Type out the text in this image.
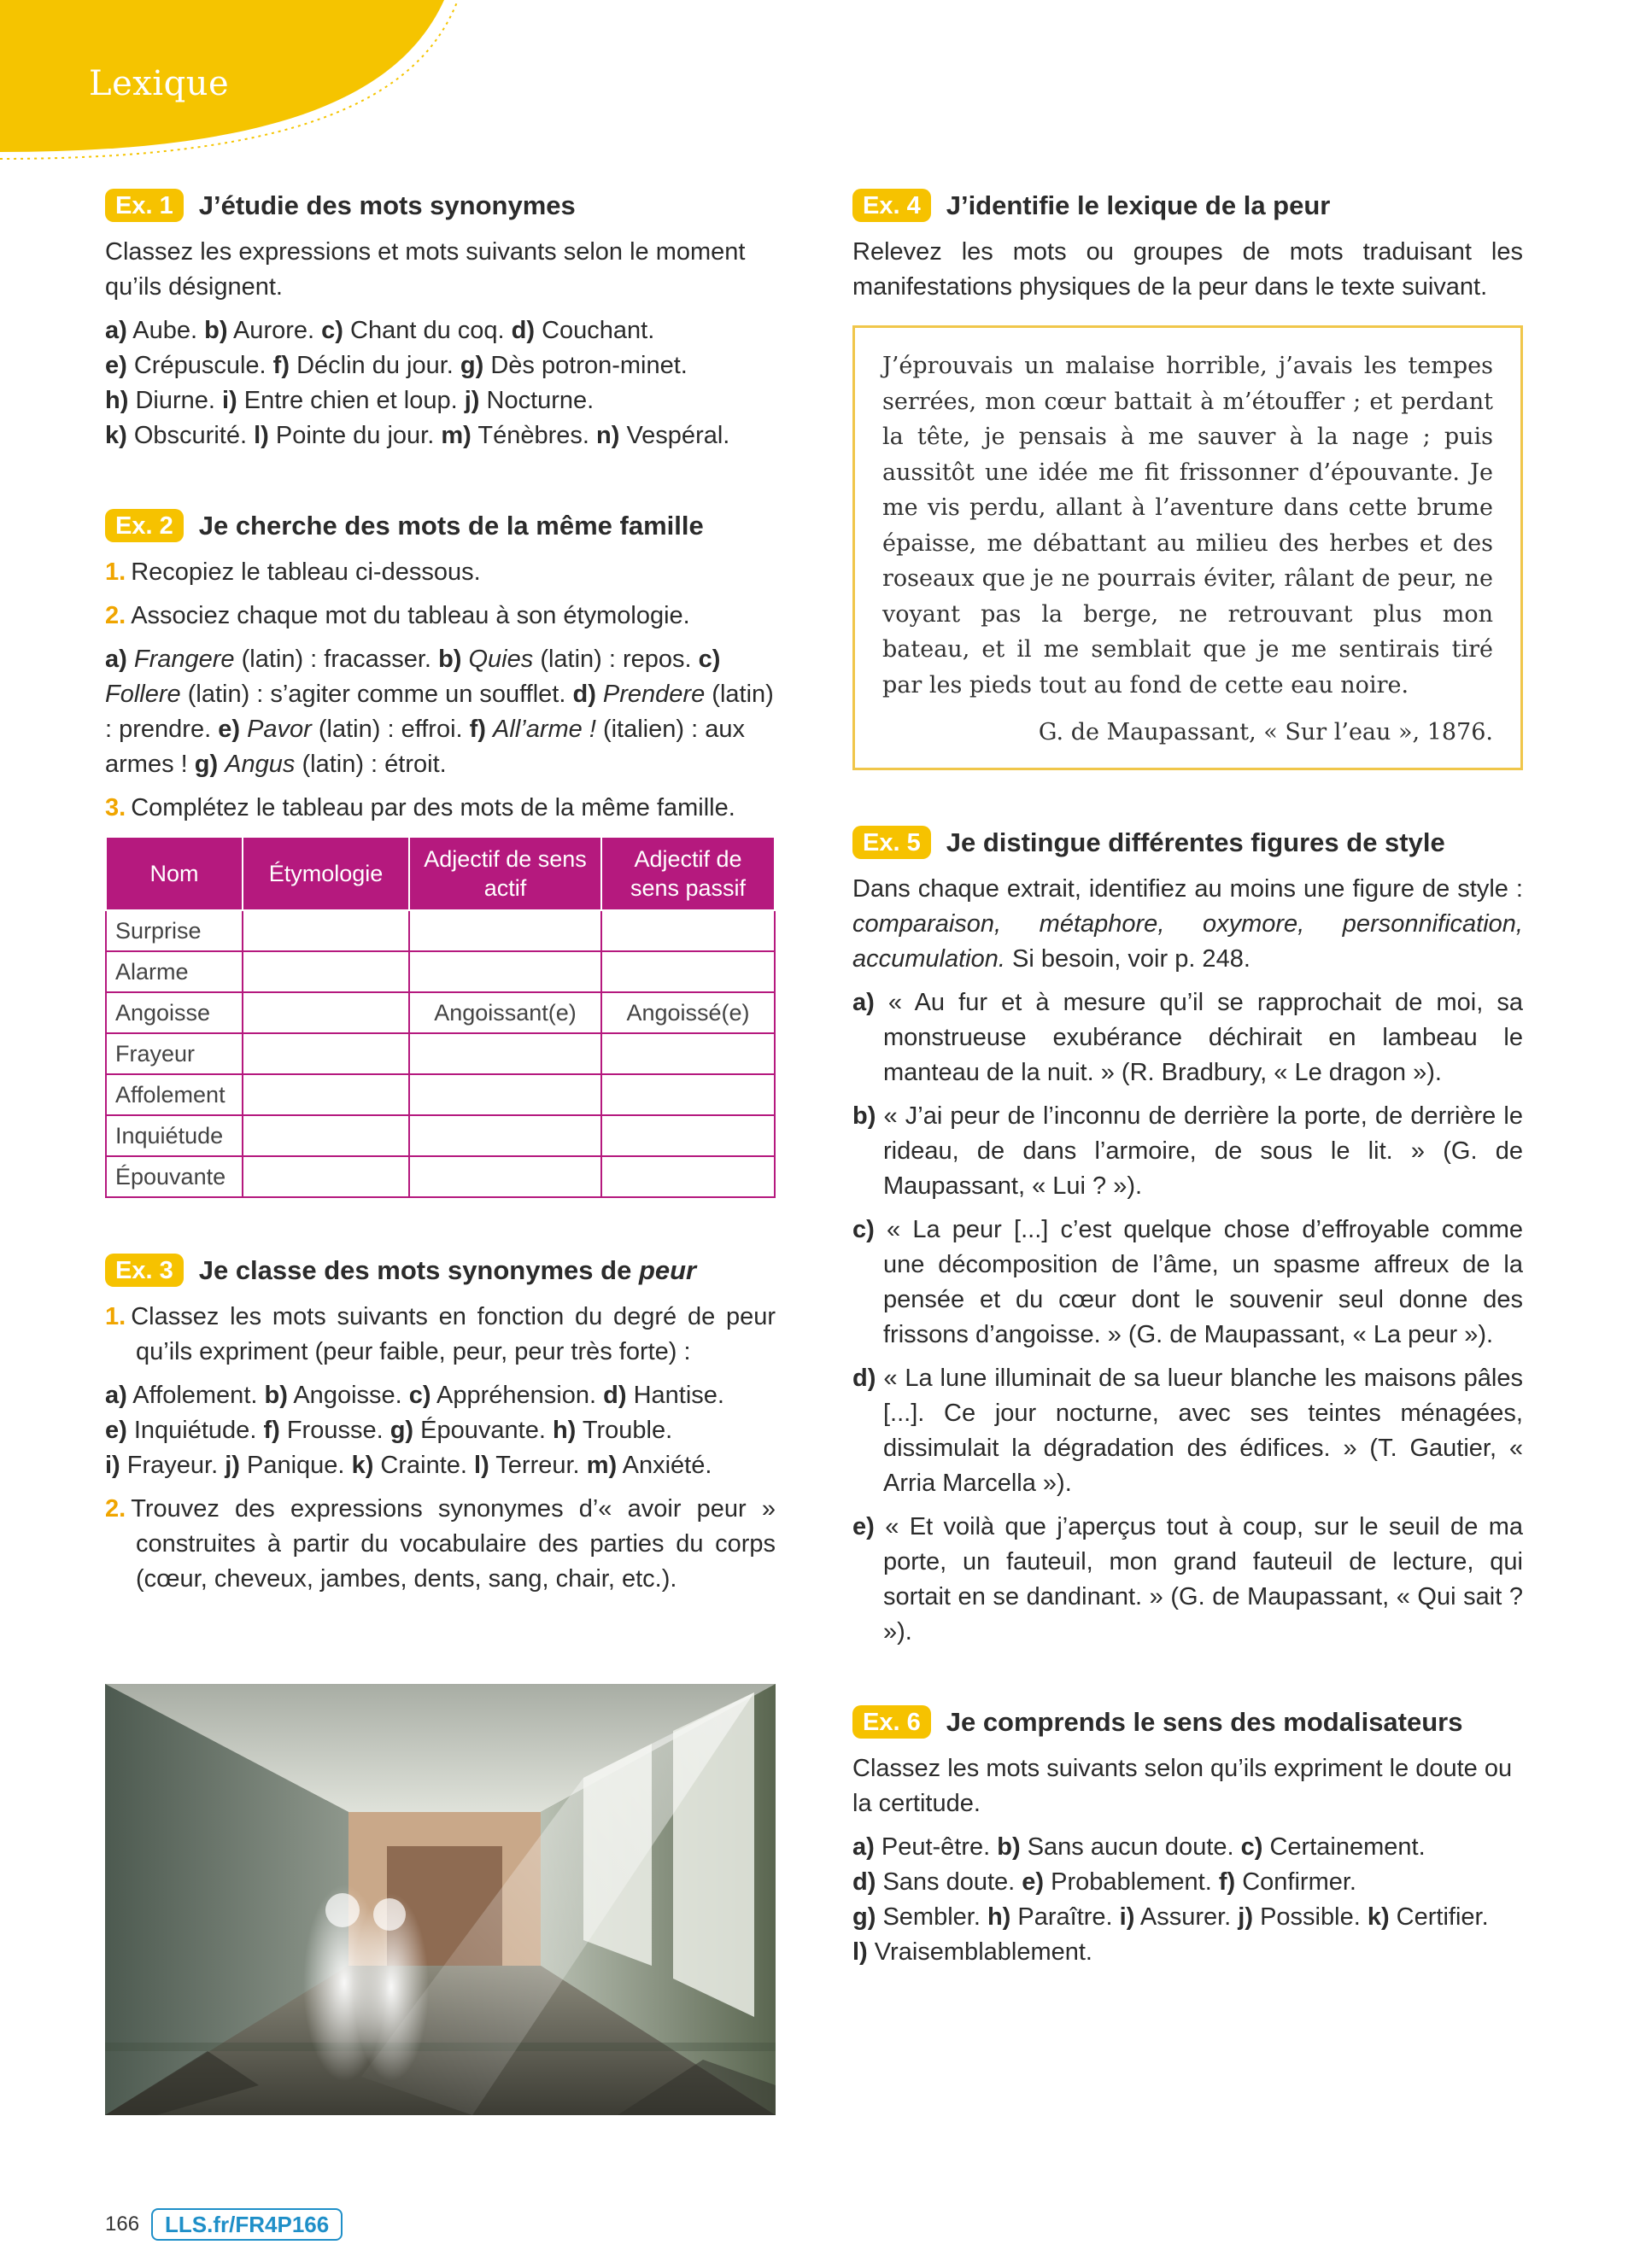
Lexique
Ex. 1 J’étudie des mots synonymes
Classez les expressions et mots suivants selon le moment qu’ils désignent.
a) Aube. b) Aurore. c) Chant du coq. d) Couchant.
e) Crépuscule. f) Déclin du jour. g) Dès potron-minet.
h) Diurne. i) Entre chien et loup. j) Nocturne.
k) Obscurité. l) Pointe du jour. m) Ténèbres. n) Vespéral.
Ex. 2 Je cherche des mots de la même famille
1. Recopiez le tableau ci-dessous.
2. Associez chaque mot du tableau à son étymologie.
a) Frangere (latin) : fracasser. b) Quies (latin) : repos. c) Follere (latin) : s’agiter comme un soufflet. d) Prendere (latin) : prendre. e) Pavor (latin) : effroi. f) All’arme ! (italien) : aux armes ! g) Angus (latin) : étroit.
3. Complétez le tableau par des mots de la même famille.
Nom	Étymologie	Adjectif de sens actif	Adjectif de sens passif
Surprise			
Alarme			
Angoisse		Angoissant(e)	Angoissé(e)
Frayeur			
Affolement			
Inquiétude			
Épouvante			
Ex. 3 Je classe des mots synonymes de peur
1. Classez les mots suivants en fonction du degré de peur qu’ils expriment (peur faible, peur, peur très forte) :
a) Affolement. b) Angoisse. c) Appréhension. d) Hantise.
e) Inquiétude. f) Frousse. g) Épouvante. h) Trouble.
i) Frayeur. j) Panique. k) Crainte. l) Terreur. m) Anxiété.
2. Trouvez des expressions synonymes d’« avoir peur » construites à partir du vocabulaire des parties du corps (cœur, cheveux, jambes, dents, sang, chair, etc.).
Ex. 4 J’identifie le lexique de la peur
Relevez les mots ou groupes de mots traduisant les manifestations physiques de la peur dans le texte suivant.
J’éprouvais un malaise horrible, j’avais les tempes serrées, mon cœur battait à m’étouffer ; et perdant la tête, je pensais à me sauver à la nage ; puis aussitôt une idée me fit frissonner d’épouvante. Je me vis perdu, allant à l’aventure dans cette brume épaisse, me débattant au milieu des herbes et des roseaux que je ne pourrais éviter, râlant de peur, ne voyant pas la berge, ne retrouvant plus mon bateau, et il me semblait que je me sentirais tiré par les pieds tout au fond de cette eau noire.
G. de Maupassant, « Sur l’eau », 1876.
Ex. 5 Je distingue différentes figures de style
Dans chaque extrait, identifiez au moins une figure de style : comparaison, métaphore, oxymore, personnification, accumulation. Si besoin, voir p. 248.
a) « Au fur et à mesure qu’il se rapprochait de moi, sa monstrueuse exubérance déchirait en lambeau le manteau de la nuit. » (R. Bradbury, « Le dragon »).
b) « J’ai peur de l’inconnu de derrière la porte, de derrière le rideau, de dans l’armoire, de sous le lit. » (G. de Maupassant, « Lui ? »).
c) « La peur [...] c’est quelque chose d’effroyable comme une décomposition de l’âme, un spasme affreux de la pensée et du cœur dont le souvenir seul donne des frissons d’angoisse. » (G. de Maupassant, « La peur »).
d) « La lune illuminait de sa lueur blanche les maisons pâles [...]. Ce jour nocturne, avec ses teintes ménagées, dissimulait la dégradation des édifices. » (T. Gautier, « Arria Marcella »).
e) « Et voilà que j’aperçus tout à coup, sur le seuil de ma porte, un fauteuil, mon grand fauteuil de lecture, qui sortait en se dandinant. » (G. de Maupassant, « Qui sait ? »).
Ex. 6 Je comprends le sens des modalisateurs
Classez les mots suivants selon qu’ils expriment le doute ou la certitude.
a) Peut-être. b) Sans aucun doute. c) Certainement.
d) Sans doute. e) Probablement. f) Confirmer.
g) Sembler. h) Paraître. i) Assurer. j) Possible. k) Certifier.
l) Vraisemblablement.
166	LLS.fr/FR4P166
